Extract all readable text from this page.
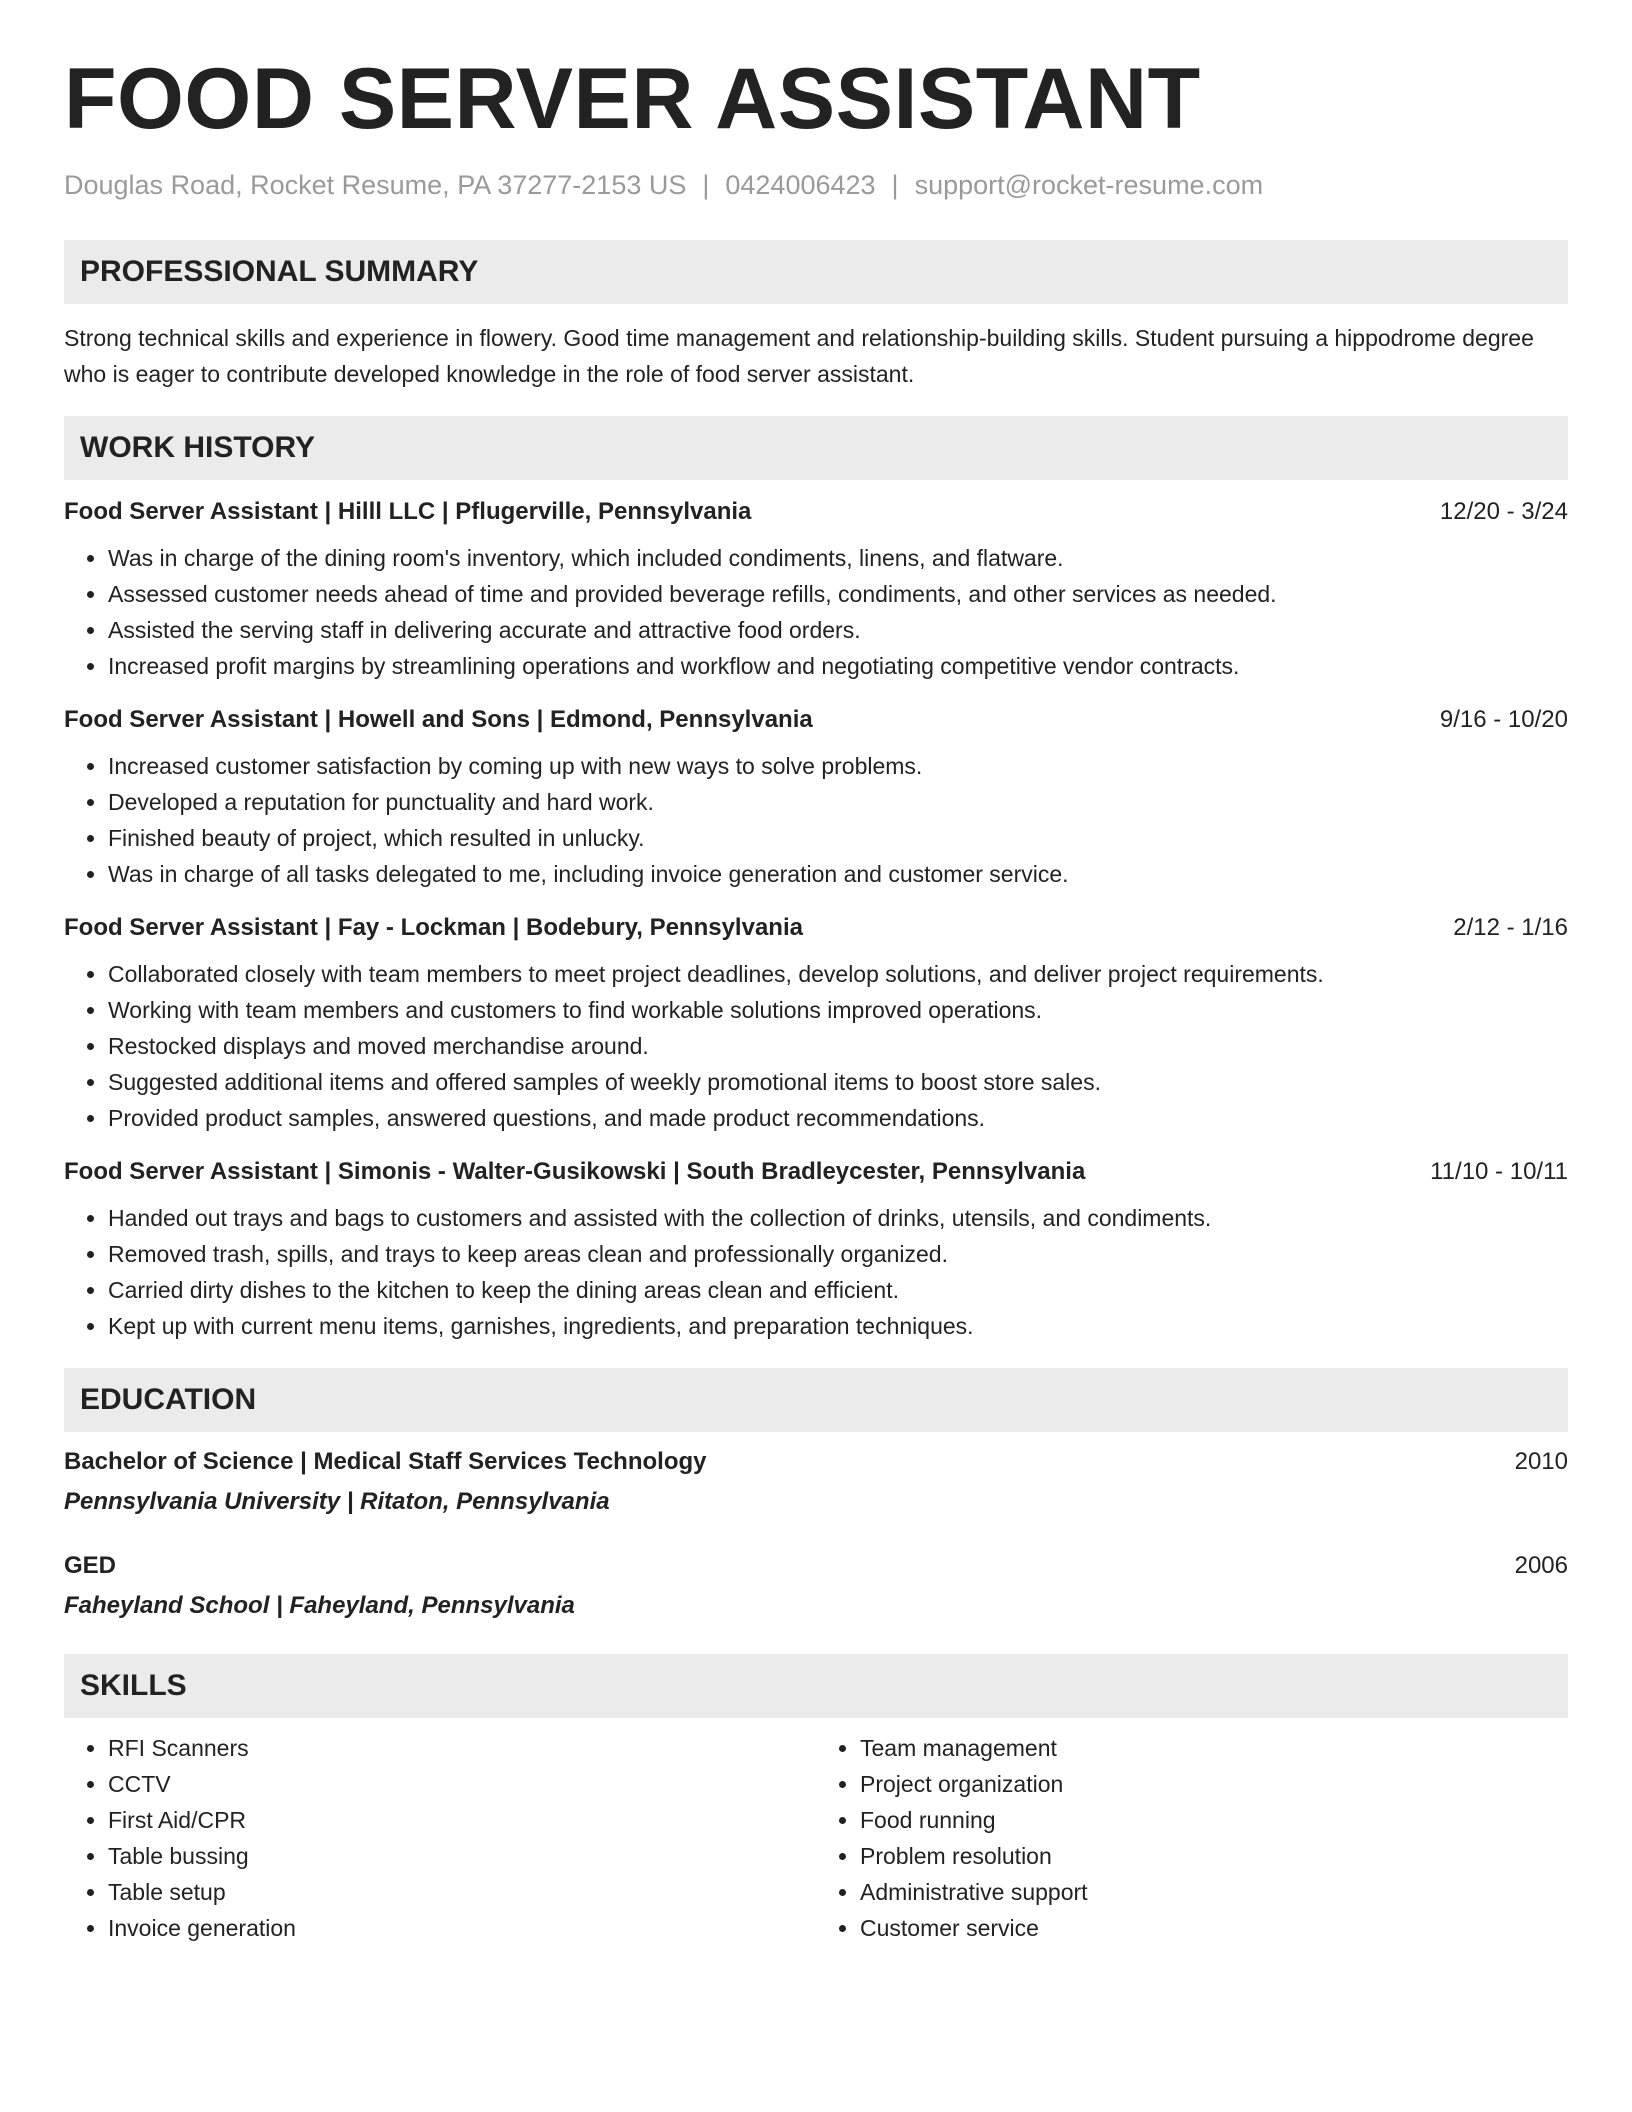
FOOD SERVER ASSISTANT
Douglas Road, Rocket Resume, PA 37277-2153 US | 0424006423 | support@rocket-resume.com
PROFESSIONAL SUMMARY

Strong technical skills and experience in flowery. Good time management and relationship-building skills. Student pursuing a hippodrome degree who is eager to contribute developed knowledge in the role of food server assistant.

WORK HISTORY
Food Server Assistant | Hilll LLC | Pflugerville, Pennsylvania	12/20 - 3/24
• Was in charge of the dining room's inventory, which included condiments, linens, and flatware.
• Assessed customer needs ahead of time and provided beverage refills, condiments, and other services as needed.
• Assisted the serving staff in delivering accurate and attractive food orders.
• Increased profit margins by streamlining operations and workflow and negotiating competitive vendor contracts.
Food Server Assistant | Howell and Sons | Edmond, Pennsylvania	9/16 - 10/20
• Increased customer satisfaction by coming up with new ways to solve problems.
• Developed a reputation for punctuality and hard work.
• Finished beauty of project, which resulted in unlucky.
• Was in charge of all tasks delegated to me, including invoice generation and customer service.
Food Server Assistant | Fay - Lockman | Bodebury, Pennsylvania	2/12 - 1/16
• Collaborated closely with team members to meet project deadlines, develop solutions, and deliver project requirements.
• Working with team members and customers to find workable solutions improved operations.
• Restocked displays and moved merchandise around.
• Suggested additional items and offered samples of weekly promotional items to boost store sales.
• Provided product samples, answered questions, and made product recommendations.
Food Server Assistant | Simonis - Walter-Gusikowski | South Bradleycester, Pennsylvania	11/10 - 10/11
• Handed out trays and bags to customers and assisted with the collection of drinks, utensils, and condiments.
• Removed trash, spills, and trays to keep areas clean and professionally organized.
• Carried dirty dishes to the kitchen to keep the dining areas clean and efficient.
• Kept up with current menu items, garnishes, ingredients, and preparation techniques.
EDUCATION
Bachelor of Science | Medical Staff Services Technology	2010
Pennsylvania University | Ritaton, Pennsylvania
GED	2006
Faheyland School | Faheyland, Pennsylvania
SKILLS
• RFI Scanners
• CCTV
• First Aid/CPR
• Table bussing
• Table setup
• Invoice generation
• Team management
• Project organization
• Food running
• Problem resolution
• Administrative support
• Customer service
